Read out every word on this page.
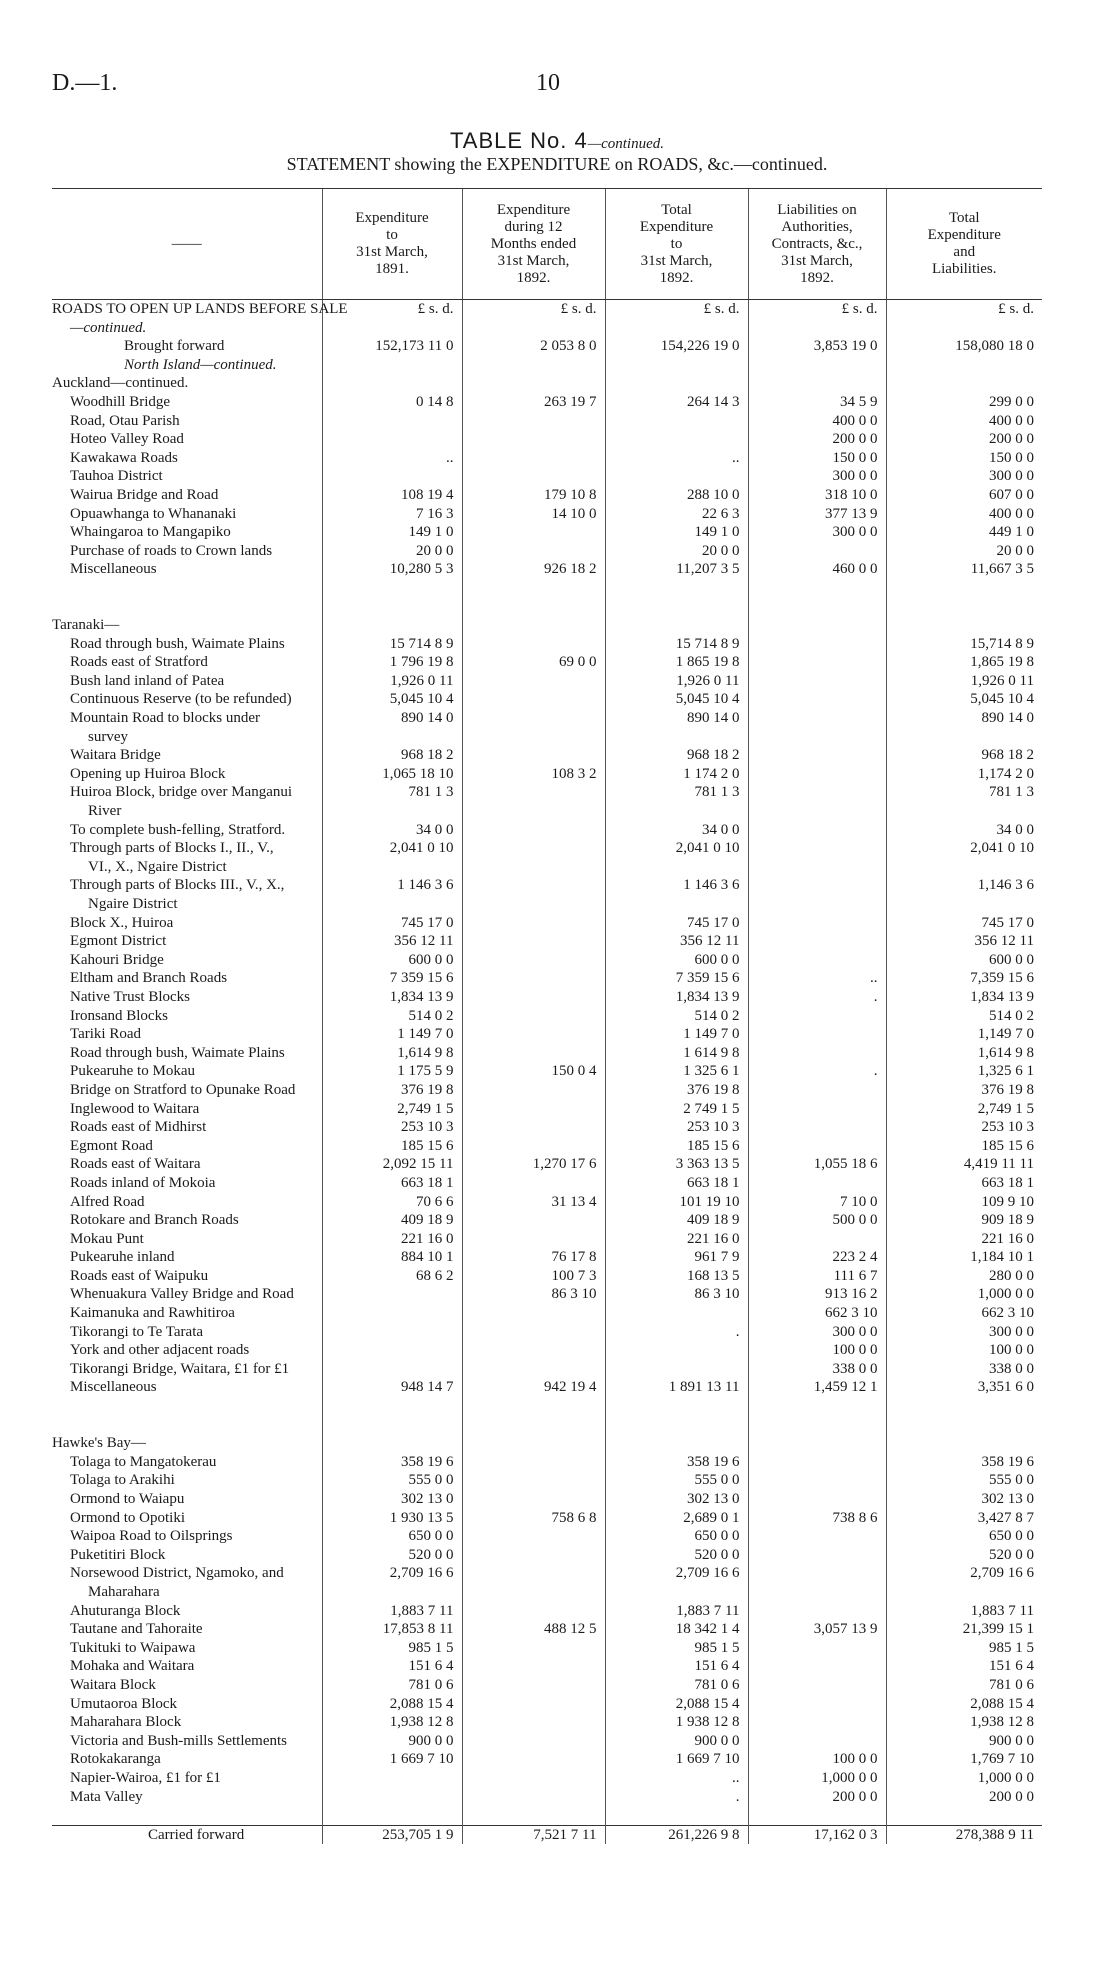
D.—1.	10
TABLE No. 4—continued.
STATEMENT showing the EXPENDITURE on ROADS, &c.—continued.
——	Expenditure
to
31st March,
1891.	Expenditure
during 12
Months ended
31st March,
1892.	Total
Expenditure
to
31st March,
1892.	Liabilities on
Authorities,
Contracts, &c.,
31st March,
1892.	Total
Expenditure
and
Liabilities.
ROADS TO OPEN UP LANDS BEFORE SALE	£ s. d.	£ s. d.	£ s. d.	£ s. d.	£ s. d.
—continued.					
Brought forward	152,173 11 0	2 053 8 0	154,226 19 0	3,853 19 0	158,080 18 0
North Island—continued.					
Auckland—continued.					
Woodhill Bridge	0 14 8	263 19 7	264 14 3	34 5 9	299 0 0
Road, Otau Parish				400 0 0	400 0 0
Hoteo Valley Road				200 0 0	200 0 0
Kawakawa Roads	..		..	150 0 0	150 0 0
Tauhoa District				300 0 0	300 0 0
Wairua Bridge and Road	108 19 4	179 10 8	288 10 0	318 10 0	607 0 0
Opuawhanga to Whananaki	7 16 3	14 10 0	22 6 3	377 13 9	400 0 0
Whaingaroa to Mangapiko	149 1 0		149 1 0	300 0 0	449 1 0
Purchase of roads to Crown lands	20 0 0		20 0 0		20 0 0
Miscellaneous	10,280 5 3	926 18 2	11,207 3 5	460 0 0	11,667 3 5

Taranaki—					
Road through bush, Waimate Plains	15 714 8 9		15 714 8 9		15,714 8 9
Roads east of Stratford	1 796 19 8	69 0 0	1 865 19 8		1,865 19 8
Bush land inland of Patea	1,926 0 11		1,926 0 11		1,926 0 11
Continuous Reserve (to be refunded)	5,045 10 4		5,045 10 4		5,045 10 4
Mountain Road to blocks under	890 14 0		890 14 0		890 14 0
survey					
Waitara Bridge	968 18 2		968 18 2		968 18 2
Opening up Huiroa Block	1,065 18 10	108 3 2	1 174 2 0		1,174 2 0
Huiroa Block, bridge over Manganui	781 1 3		781 1 3		781 1 3
River					
To complete bush-felling, Stratford.	34 0 0		34 0 0		34 0 0
Through parts of Blocks I., II., V.,	2,041 0 10		2,041 0 10		2,041 0 10
VI., X., Ngaire District					
Through parts of Blocks III., V., X.,	1 146 3 6		1 146 3 6		1,146 3 6
Ngaire District					
Block X., Huiroa	745 17 0		745 17 0		745 17 0
Egmont District	356 12 11		356 12 11		356 12 11
Kahouri Bridge	600 0 0		600 0 0		600 0 0
Eltham and Branch Roads	7 359 15 6		7 359 15 6	..	7,359 15 6
Native Trust Blocks	1,834 13 9		1,834 13 9	.	1,834 13 9
Ironsand Blocks	514 0 2		514 0 2		514 0 2
Tariki Road	1 149 7 0		1 149 7 0		1,149 7 0
Road through bush, Waimate Plains	1,614 9 8		1 614 9 8		1,614 9 8
Pukearuhe to Mokau	1 175 5 9	150 0 4	1 325 6 1	.	1,325 6 1
Bridge on Stratford to Opunake Road	376 19 8		376 19 8		376 19 8
Inglewood to Waitara	2,749 1 5		2 749 1 5		2,749 1 5
Roads east of Midhirst	253 10 3		253 10 3		253 10 3
Egmont Road	185 15 6		185 15 6		185 15 6
Roads east of Waitara	2,092 15 11	1,270 17 6	3 363 13 5	1,055 18 6	4,419 11 11
Roads inland of Mokoia	663 18 1		663 18 1		663 18 1
Alfred Road	70 6 6	31 13 4	101 19 10	7 10 0	109 9 10
Rotokare and Branch Roads	409 18 9		409 18 9	500 0 0	909 18 9
Mokau Punt	221 16 0		221 16 0		221 16 0
Pukearuhe inland	884 10 1	76 17 8	961 7 9	223 2 4	1,184 10 1
Roads east of Waipuku	68 6 2	100 7 3	168 13 5	111 6 7	280 0 0
Whenuakura Valley Bridge and Road		86 3 10	86 3 10	913 16 2	1,000 0 0
Kaimanuka and Rawhitiroa				662 3 10	662 3 10
Tikorangi to Te Tarata			.	300 0 0	300 0 0
York and other adjacent roads				100 0 0	100 0 0
Tikorangi Bridge, Waitara, £1 for £1				338 0 0	338 0 0
Miscellaneous	948 14 7	942 19 4	1 891 13 11	1,459 12 1	3,351 6 0

Hawke's Bay—					
Tolaga to Mangatokerau	358 19 6		358 19 6		358 19 6
Tolaga to Arakihi	555 0 0		555 0 0		555 0 0
Ormond to Waiapu	302 13 0		302 13 0		302 13 0
Ormond to Opotiki	1 930 13 5	758 6 8	2,689 0 1	738 8 6	3,427 8 7
Waipoa Road to Oilsprings	650 0 0		650 0 0		650 0 0
Puketitiri Block	520 0 0		520 0 0		520 0 0
Norsewood District, Ngamoko, and	2,709 16 6		2,709 16 6		2,709 16 6
Maharahara					
Ahuturanga Block	1,883 7 11		1,883 7 11		1,883 7 11
Tautane and Tahoraite	17,853 8 11	488 12 5	18 342 1 4	3,057 13 9	21,399 15 1
Tukituki to Waipawa	985 1 5		985 1 5		985 1 5
Mohaka and Waitara	151 6 4		151 6 4		151 6 4
Waitara Block	781 0 6		781 0 6		781 0 6
Umutaoroa Block	2,088 15 4		2,088 15 4		2,088 15 4
Maharahara Block	1,938 12 8		1 938 12 8		1,938 12 8
Victoria and Bush-mills Settlements	900 0 0		900 0 0		900 0 0
Rotokakaranga	1 669 7 10		1 669 7 10	100 0 0	1,769 7 10
Napier-Wairoa, £1 for £1			..	1,000 0 0	1,000 0 0
Mata Valley			.	200 0 0	200 0 0

Carried forward	253,705 1 9	7,521 7 11	261,226 9 8	17,162 0 3	278,388 9 11
